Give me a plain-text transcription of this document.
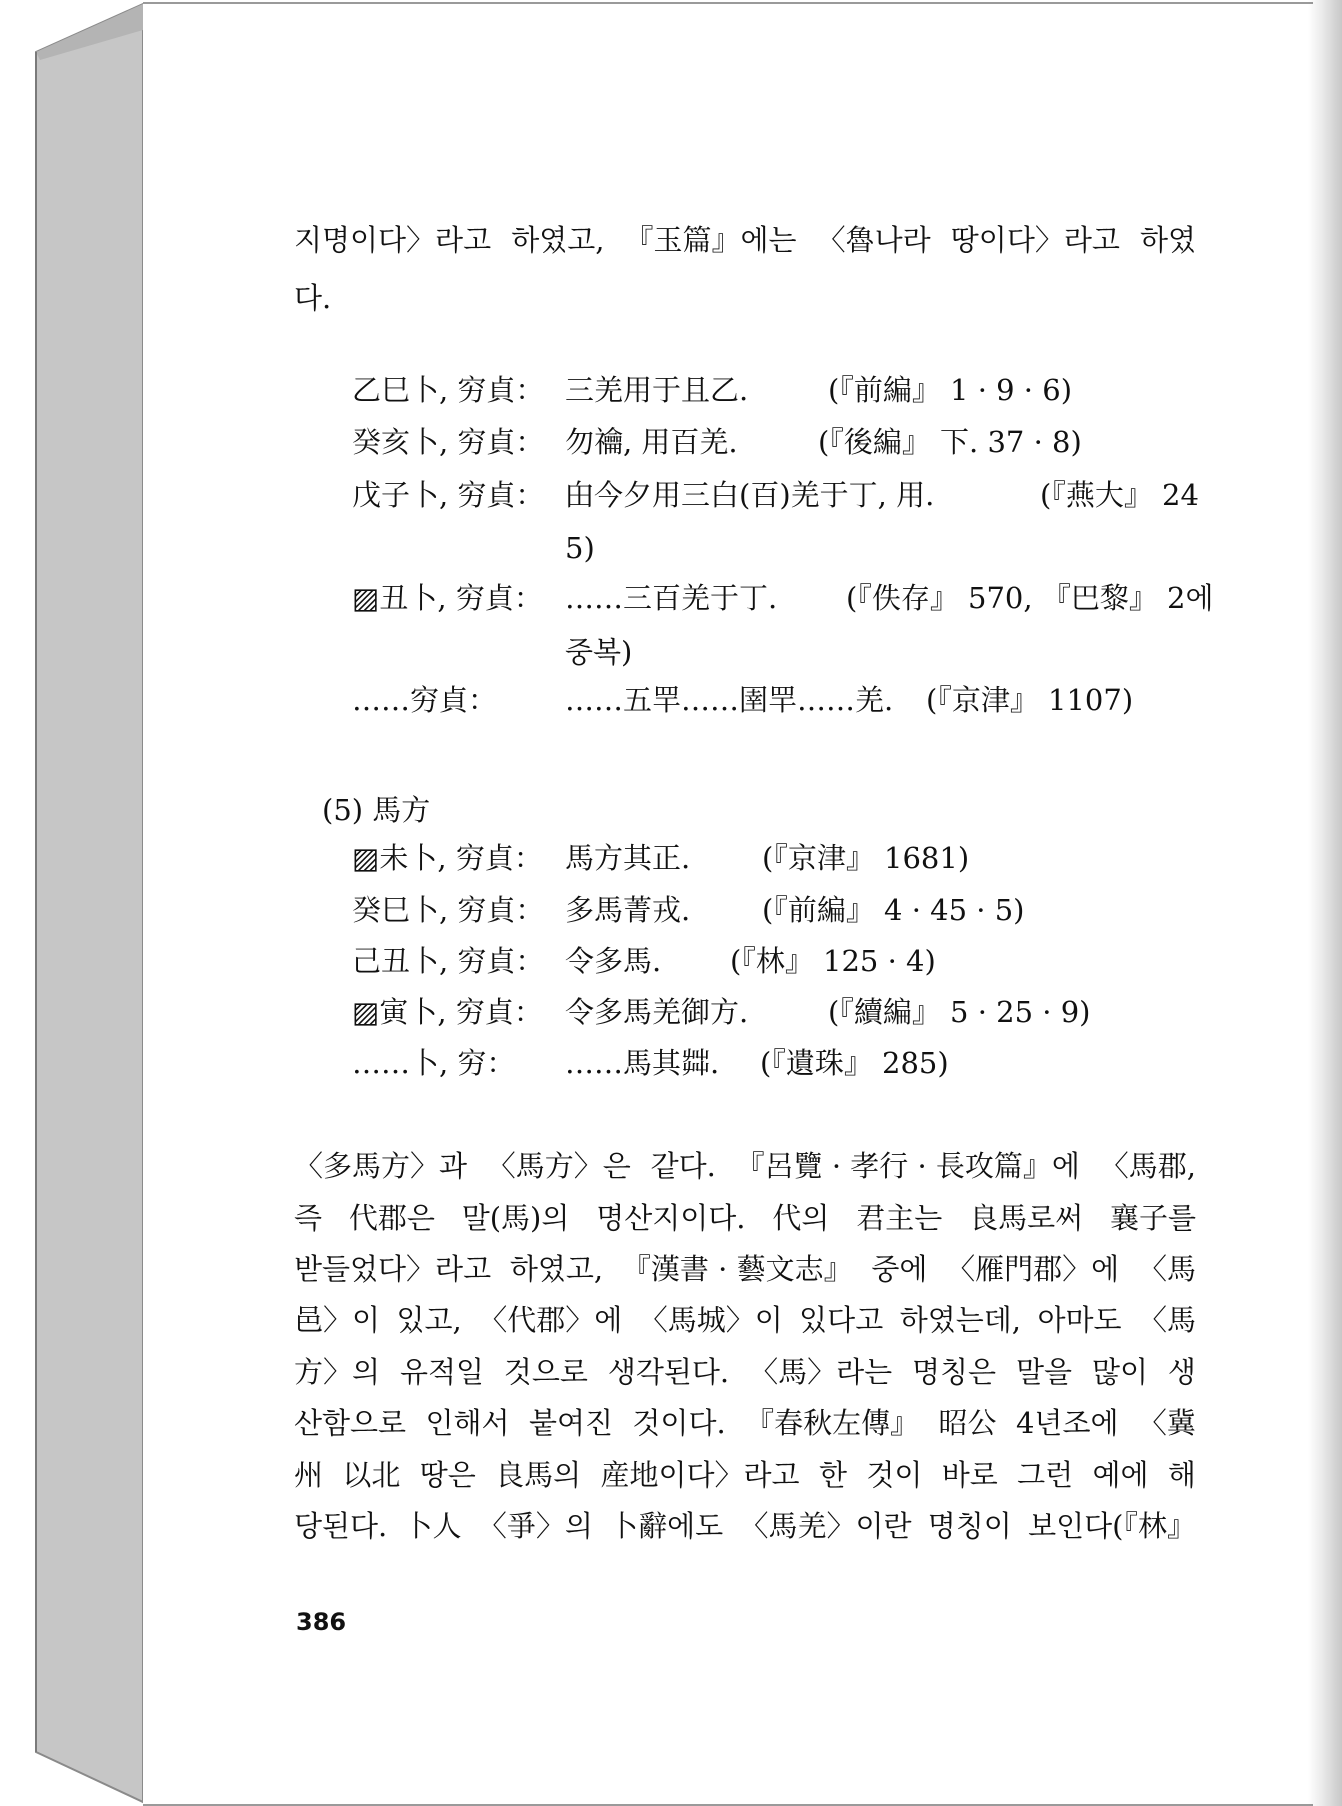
지명이다〉라고 하였고, 『玉篇』에는 〈魯나라 땅이다〉라고 하였
다.
乙巳卜, 穷貞： 三羌用于且乙.	(『前編』 1 · 9 · 6)
癸亥卜, 穷貞： 勿禴, 用百羌.	(『後編』 下. 37 · 8)
戊子卜, 穷貞： 甶今夕用三白(百)羌于丁, 用.	(『燕大』 24
5)
▨丑卜, 穷貞： ……三百羌于丁. (『佚存』 570, 『巴黎』 2에
중복)
……穷貞： ……五䍐……圉䍐……羌. (『京津』 1107)
(5) 馬方
▨未卜, 穷貞： 馬方其正. (『京津』 1681)
癸巳卜, 穷貞： 多馬菁戎. (『前編』 4 · 45 · 5)
己丑卜, 穷貞： 令多馬. (『林』 125 · 4)
▨寅卜, 穷貞： 令多馬羌御方.	(『續編』 5 · 25 · 9)
……卜, 穷： ……馬其茻. (『遺珠』 285)
〈多馬方〉과 〈馬方〉은 같다. 『呂覽 · 孝行 · 長攻篇』에 〈馬郡,
즉 代郡은 말(馬)의 명산지이다. 代의 君主는 良馬로써 襄子를
받들었다〉라고 하였고, 『漢書 · 藝文志』 중에 〈雁門郡〉에 〈馬
邑〉이 있고, 〈代郡〉에 〈馬城〉이 있다고 하였는데, 아마도 〈馬
方〉의 유적일 것으로 생각된다. 〈馬〉라는 명칭은 말을 많이 생
산함으로 인해서 붙여진 것이다. 『春秋左傳』 昭公 4년조에 〈冀
州 以北 땅은 良馬의 産地이다〉라고 한 것이 바로 그런 예에 해
당된다. 卜人 〈爭〉의 卜辭에도 〈馬羌〉이란 명칭이 보인다(『林』
386
